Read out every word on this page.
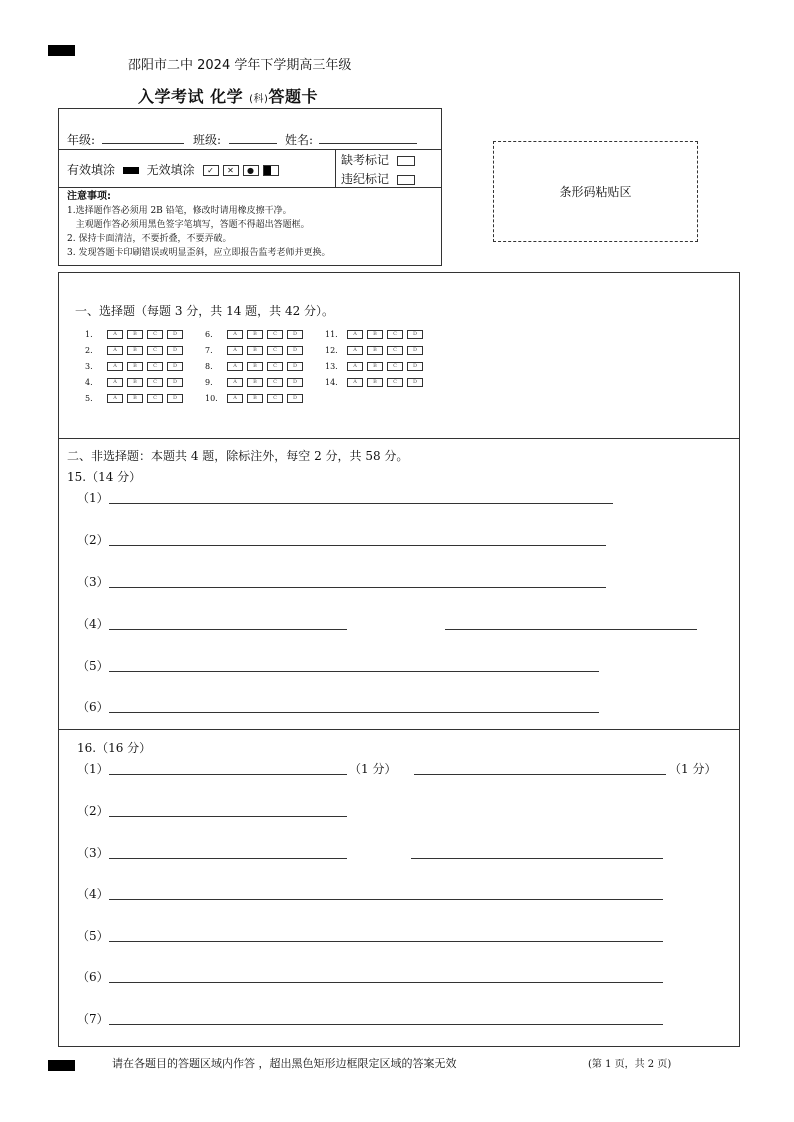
邵阳市二中 2024 学年下学期高三年级
入学考试 化学 (科)答题卡
年级:	班级:	姓名:
有效填涂	无效填涂 ✓ ✕ ●
缺考标记
违纪标记
注意事项:
1.选择题作答必须用 2B 铅笔，修改时请用橡皮擦干净。
主观题作答必须用黑色签字笔填写，答题不得超出答题框。
2. 保持卡面清洁，不要折叠，不要弄破。
3. 发现答题卡印刷错误或明显歪斜，应立即报告监考老师并更换。
条形码粘贴区
一、选择题（每题 3 分，共 14 题，共 42 分）。
1.	A	B	C	D
2.	A	B	C	D
3.	A	B	C	D
4.	A	B	C	D
5.	A	B	C	D
6.	A	B	C	D
7.	A	B	C	D
8.	A	B	C	D
9.	A	B	C	D
10.	A	B	C	D
11.	A	B	C	D
12.	A	B	C	D
13.	A	B	C	D
14.	A	B	C	D
二、非选择题：本题共 4 题，除标注外，每空 2 分，共 58 分。
15.（14 分）
（1）
（2）
（3）
（4）
（5）
（6）
16.（16 分）
（1）	（1 分）	（1 分）
（2）
（3）
（4）
（5）
（6）
（7）
请在各题目的答题区域内作答 ，超出黑色矩形边框限定区域的答案无效	(第 1 页，共 2 页)
